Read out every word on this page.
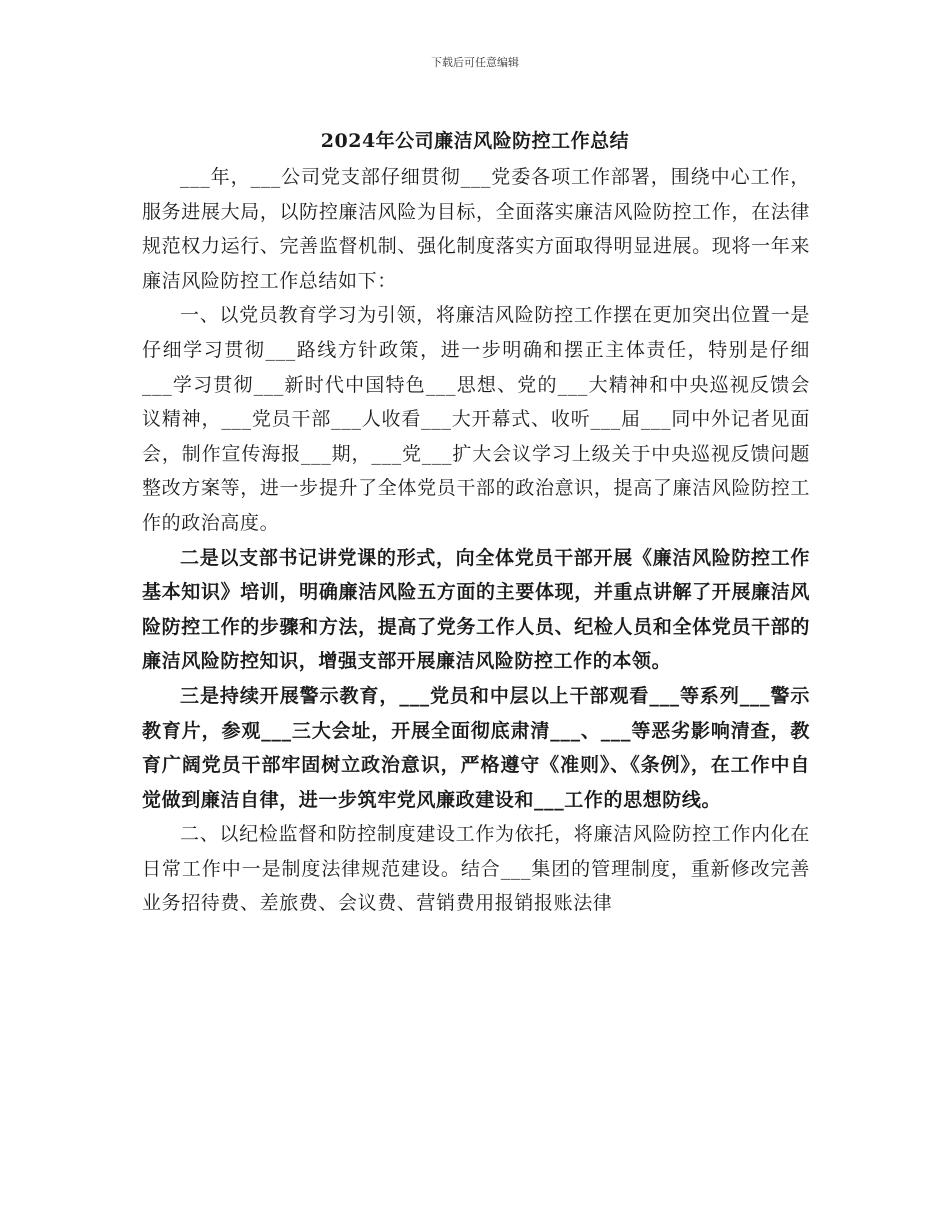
下载后可任意编辑
2024年公司廉洁风险防控工作总结

___年，___公司党支部仔细贯彻___党委各项工作部署，围绕中心工作，服务进展大局，以防控廉洁风险为目标，全面落实廉洁风险防控工作，在法律规范权力运行、完善监督机制、强化制度落实方面取得明显进展。现将一年来廉洁风险防控工作总结如下：

一、以党员教育学习为引领，将廉洁风险防控工作摆在更加突出位置一是仔细学习贯彻___路线方针政策，进一步明确和摆正主体责任，特别是仔细___学习贯彻___新时代中国特色___思想、党的___大精神和中央巡视反馈会议精神，___党员干部___人收看___大开幕式、收听___届___同中外记者见面会，制作宣传海报___期，___党___扩大会议学习上级关于中央巡视反馈问题整改方案等，进一步提升了全体党员干部的政治意识，提高了廉洁风险防控工作的政治高度。

二是以支部书记讲党课的形式，向全体党员干部开展《廉洁风险防控工作基本知识》培训，明确廉洁风险五方面的主要体现，并重点讲解了开展廉洁风险防控工作的步骤和方法，提高了党务工作人员、纪检人员和全体党员干部的廉洁风险防控知识，增强支部开展廉洁风险防控工作的本领。

三是持续开展警示教育，___党员和中层以上干部观看___等系列___警示教育片，参观___三大会址，开展全面彻底肃清___、___等恶劣影响清查，教育广阔党员干部牢固树立政治意识，严格遵守《准则》、《条例》，在工作中自觉做到廉洁自律，进一步筑牢党风廉政建设和___工作的思想防线。

二、以纪检监督和防控制度建设工作为依托，将廉洁风险防控工作内化在日常工作中一是制度法律规范建设。结合___集团的管理制度，重新修改完善业务招待费、差旅费、会议费、营销费用报销报账法律
